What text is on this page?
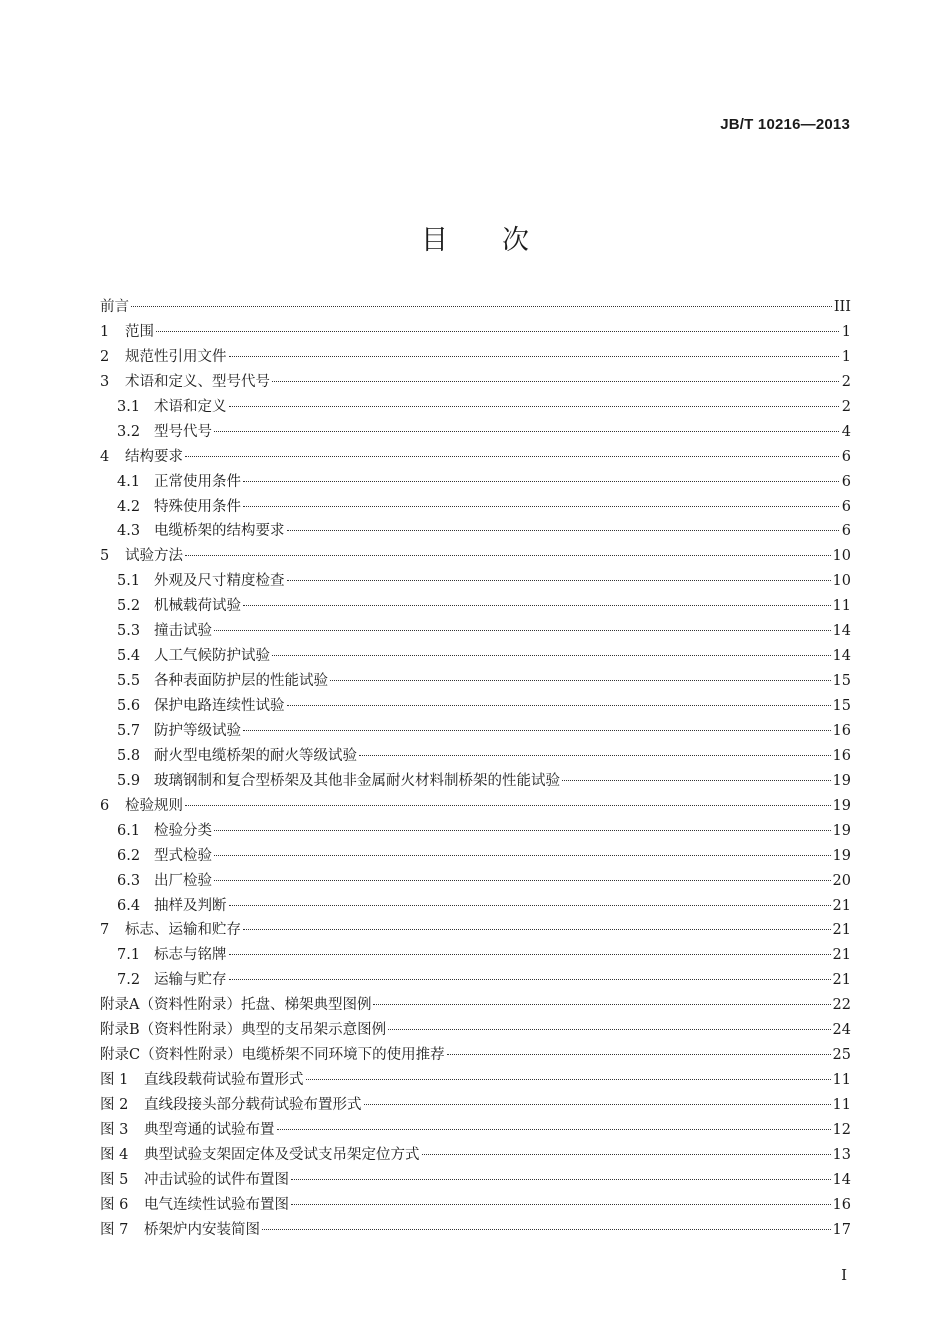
JB/T 10216—2013
目次
前言	III
1	范围	1
2	规范性引用文件	1
3	术语和定义、型号代号	2
3.1 术语和定义	2
3.2 型号代号	4
4	结构要求	6
4.1 正常使用条件	6
4.2 特殊使用条件	6
4.3 电缆桥架的结构要求	6
5	试验方法	10
5.1 外观及尺寸精度检查	10
5.2 机械载荷试验	11
5.3 撞击试验	14
5.4 人工气候防护试验	14
5.5 各种表面防护层的性能试验	15
5.6 保护电路连续性试验	15
5.7 防护等级试验	16
5.8 耐火型电缆桥架的耐火等级试验	16
5.9 玻璃钢制和复合型桥架及其他非金属耐火材料制桥架的性能试验	19
6	检验规则	19
6.1 检验分类	19
6.2 型式检验	19
6.3 出厂检验	20
6.4 抽样及判断	21
7	标志、运输和贮存	21
7.1 标志与铭牌	21
7.2 运输与贮存	21
附录A（资料性附录）托盘、梯架典型图例	22
附录B（资料性附录）典型的支吊架示意图例	24
附录C（资料性附录）电缆桥架不同环境下的使用推荐	25
图 1	直线段载荷试验布置形式	11
图 2	直线段接头部分载荷试验布置形式	11
图 3	典型弯通的试验布置	12
图 4	典型试验支架固定体及受试支吊架定位方式	13
图 5	冲击试验的试件布置图	14
图 6	电气连续性试验布置图	16
图 7	桥架炉内安装简图	17
I
